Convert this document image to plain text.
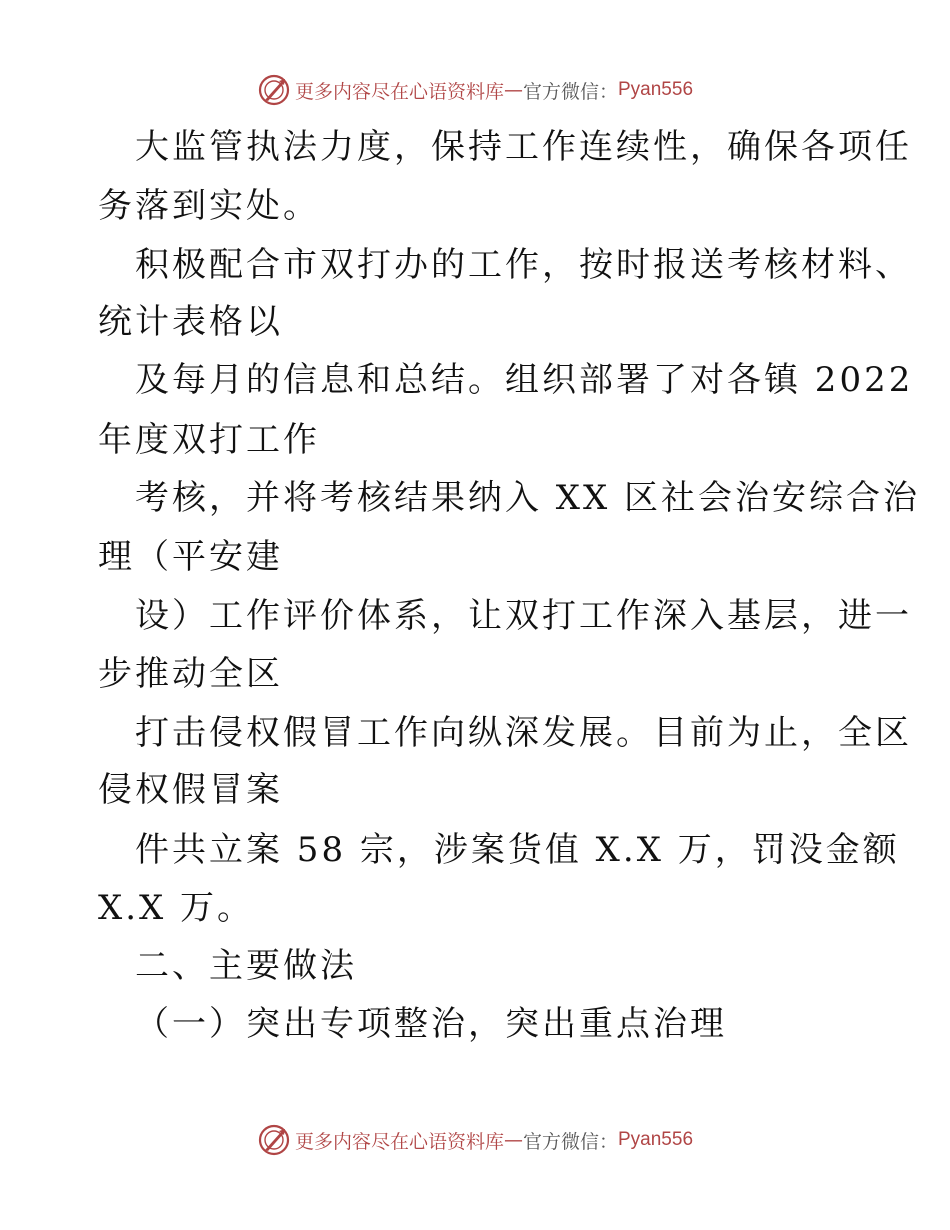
更多内容尽在心语资料库 — 官方微信： Pyan556
大监管执法力度，保持工作连续性，确保各项任
务落到实处。
积极配合市双打办的工作，按时报送考核材料、
统计表格以
及每月的信息和总结。组织部署了对各镇 2022
年度双打工作
考核，并将考核结果纳入 XX 区社会治安综合治
理（平安建
设）工作评价体系，让双打工作深入基层，进一
步推动全区
打击侵权假冒工作向纵深发展。目前为止，全区
侵权假冒案
件共立案 58 宗，涉案货值 X.X 万，罚没金额
X.X 万。
二、主要做法
（一）突出专项整治，突出重点治理
更多内容尽在心语资料库 — 官方微信： Pyan556
